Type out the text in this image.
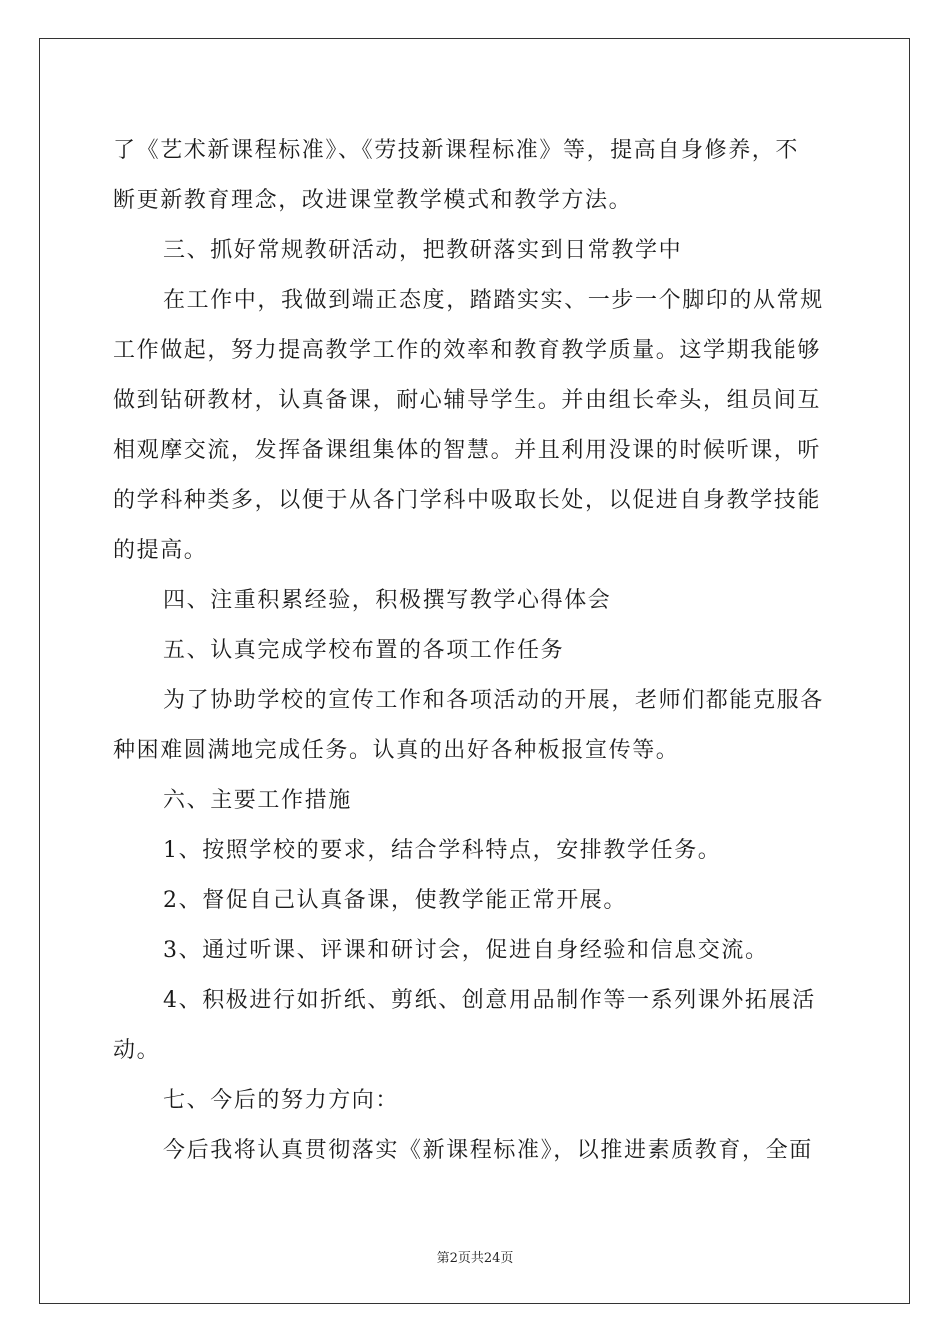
了《艺术新课程标准》、《劳技新课程标准》等，提高自身修养，不
断更新教育理念，改进课堂教学模式和教学方法。
三、抓好常规教研活动，把教研落实到日常教学中
在工作中，我做到端正态度，踏踏实实、一步一个脚印的从常规
工作做起，努力提高教学工作的效率和教育教学质量。这学期我能够
做到钻研教材，认真备课，耐心辅导学生。并由组长牵头，组员间互
相观摩交流，发挥备课组集体的智慧。并且利用没课的时候听课，听
的学科种类多，以便于从各门学科中吸取长处，以促进自身教学技能
的提高。
四、注重积累经验，积极撰写教学心得体会
五、认真完成学校布置的各项工作任务
为了协助学校的宣传工作和各项活动的开展，老师们都能克服各
种困难圆满地完成任务。认真的出好各种板报宣传等。
六、主要工作措施
1、按照学校的要求，结合学科特点，安排教学任务。
2、督促自己认真备课，使教学能正常开展。
3、通过听课、评课和研讨会，促进自身经验和信息交流。
4、积极进行如折纸、剪纸、创意用品制作等一系列课外拓展活
动。
七、今后的努力方向：
今后我将认真贯彻落实《新课程标准》，以推进素质教育，全面
第2页共24页
